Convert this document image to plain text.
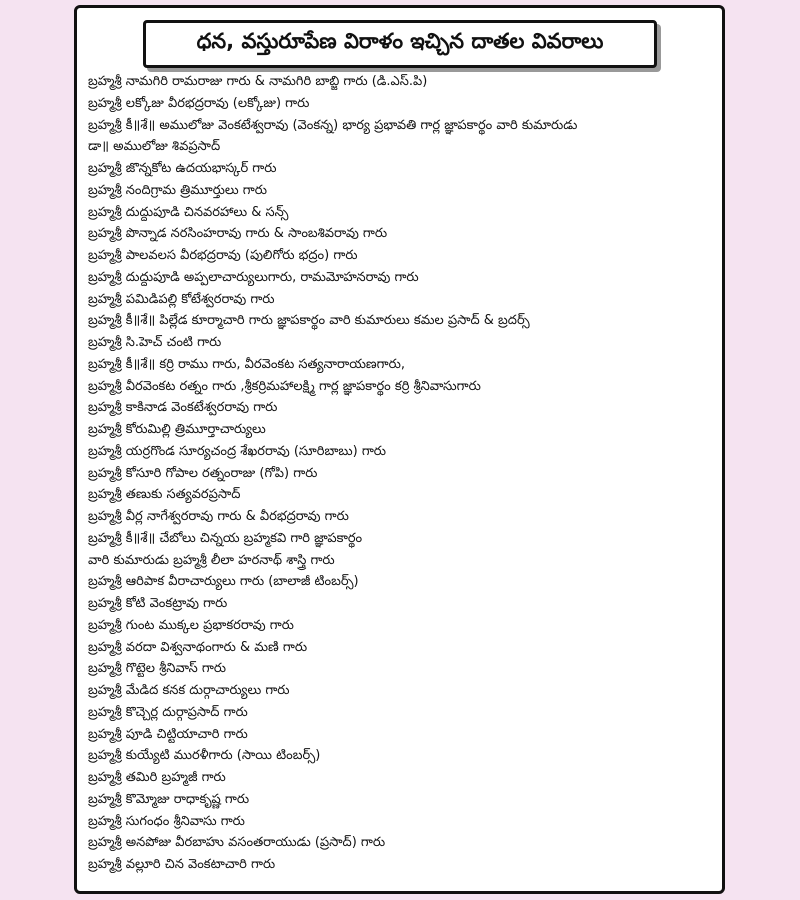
ధన, వస్తురూపేణ విరాళం ఇచ్చిన దాతల వివరాలు
బ్రహ్మశ్రీ నామగిరి రామరాజు గారు & నామగిరి బాబ్జి గారు (డి.ఎస్.పి)
బ్రహ్మశ్రీ లక్కోజు వీరభద్రరావు (లక్కోజు) గారు
బ్రహ్మశ్రీ కీ॥శే॥ అములోజు వెంకటేశ్వరావు (వెంకన్న) భార్య ప్రభావతి గార్ల జ్ఞాపకార్థం వారి కుమారుడు
డా॥ అములోజు శివప్రసాద్
బ్రహ్మశ్రీ జొన్నకోట ఉదయభాస్కర్ గారు
బ్రహ్మశ్రీ నందిగ్రామ త్రిమూర్తులు గారు
బ్రహ్మశ్రీ దుద్దుపూడి చినవరహాలు & సన్స్
బ్రహ్మశ్రీ పొన్నాడ నరసింహరావు గారు & సాంబశివరావు గారు
బ్రహ్మశ్రీ పాలవలస వీరభద్రరావు (పులిగోరు భద్రం) గారు
బ్రహ్మశ్రీ దుద్దుపూడి అప్పలాచార్యులుగారు, రామమోహనరావు గారు
బ్రహ్మశ్రీ పమిడిపల్లి కోటేశ్వరరావు గారు
బ్రహ్మశ్రీ కీ॥శే॥ పిల్లేడ కూర్మాచారి గారు జ్ఞాపకార్థం వారి కుమారులు కమల ప్రసాద్ & బ్రదర్స్
బ్రహ్మశ్రీ సి.హెచ్ చంటి గారు
బ్రహ్మశ్రీ కీ॥శే॥ కర్రి రాము గారు, వీరవెంకట సత్యనారాయణగారు,
బ్రహ్మశ్రీ వీరవెంకట రత్నం గారు ,శ్రీకర్రిమహాలక్ష్మి గార్ల జ్ఞాపకార్థం కర్రి శ్రీనివాసుగారు
బ్రహ్మశ్రీ కాకినాడ వెంకటేశ్వరరావు గారు
బ్రహ్మశ్రీ కోరుమిల్లి త్రిమూర్తాచార్యులు
బ్రహ్మశ్రీ యర్రగొండ సూర్యచంద్ర శేఖరరావు (సూరిబాబు) గారు
బ్రహ్మశ్రీ కోసూరి గోపాల రత్నంరాజు (గోపి) గారు
బ్రహ్మశ్రీ తణుకు సత్యవరప్రసాద్
బ్రహ్మశ్రీ వీర్ల నాగేశ్వరరావు గారు & వీరభద్రరావు గారు
బ్రహ్మశ్రీ కీ॥శే॥ చేబోలు చిన్నయ బ్రహ్మకవి గారి జ్ఞాపకార్థం
వారి కుమారుడు బ్రహ్మశ్రీ లీలా హరనాథ్ శాస్త్రి గారు
బ్రహ్మశ్రీ ఆరిపాక వీరాచార్యులు గారు (బాలాజీ టింబర్స్)
బ్రహ్మశ్రీ కోటి వెంకట్రావు గారు
బ్రహ్మశ్రీ గుంట ముక్కల ప్రభాకరరావు గారు
బ్రహ్మశ్రీ వరదా విశ్వనాథంగారు & మణి గారు
బ్రహ్మశ్రీ గొట్టెల శ్రీనివాస్ గారు
బ్రహ్మశ్రీ మేడిద కనక దుర్గాచార్యులు గారు
బ్రహ్మశ్రీ కొచ్చెర్ల దుర్గాప్రసాద్ గారు
బ్రహ్మశ్రీ పూడి చిట్టియాచారి గారు
బ్రహ్మశ్రీ కుయ్యేటి మురళీగారు (సాయి టింబర్స్)
బ్రహ్మశ్రీ తమిరి బ్రహ్మజీ గారు
బ్రహ్మశ్రీ కొమ్మోజు రాధాకృష్ణ గారు
బ్రహ్మశ్రీ సుగంధం శ్రీనివాసు గారు
బ్రహ్మశ్రీ అనపోజు వీరబాహు వసంతరాయుడు (ప్రసాద్) గారు
బ్రహ్మశ్రీ వల్లూరి చిన వెంకటాచారి గారు
